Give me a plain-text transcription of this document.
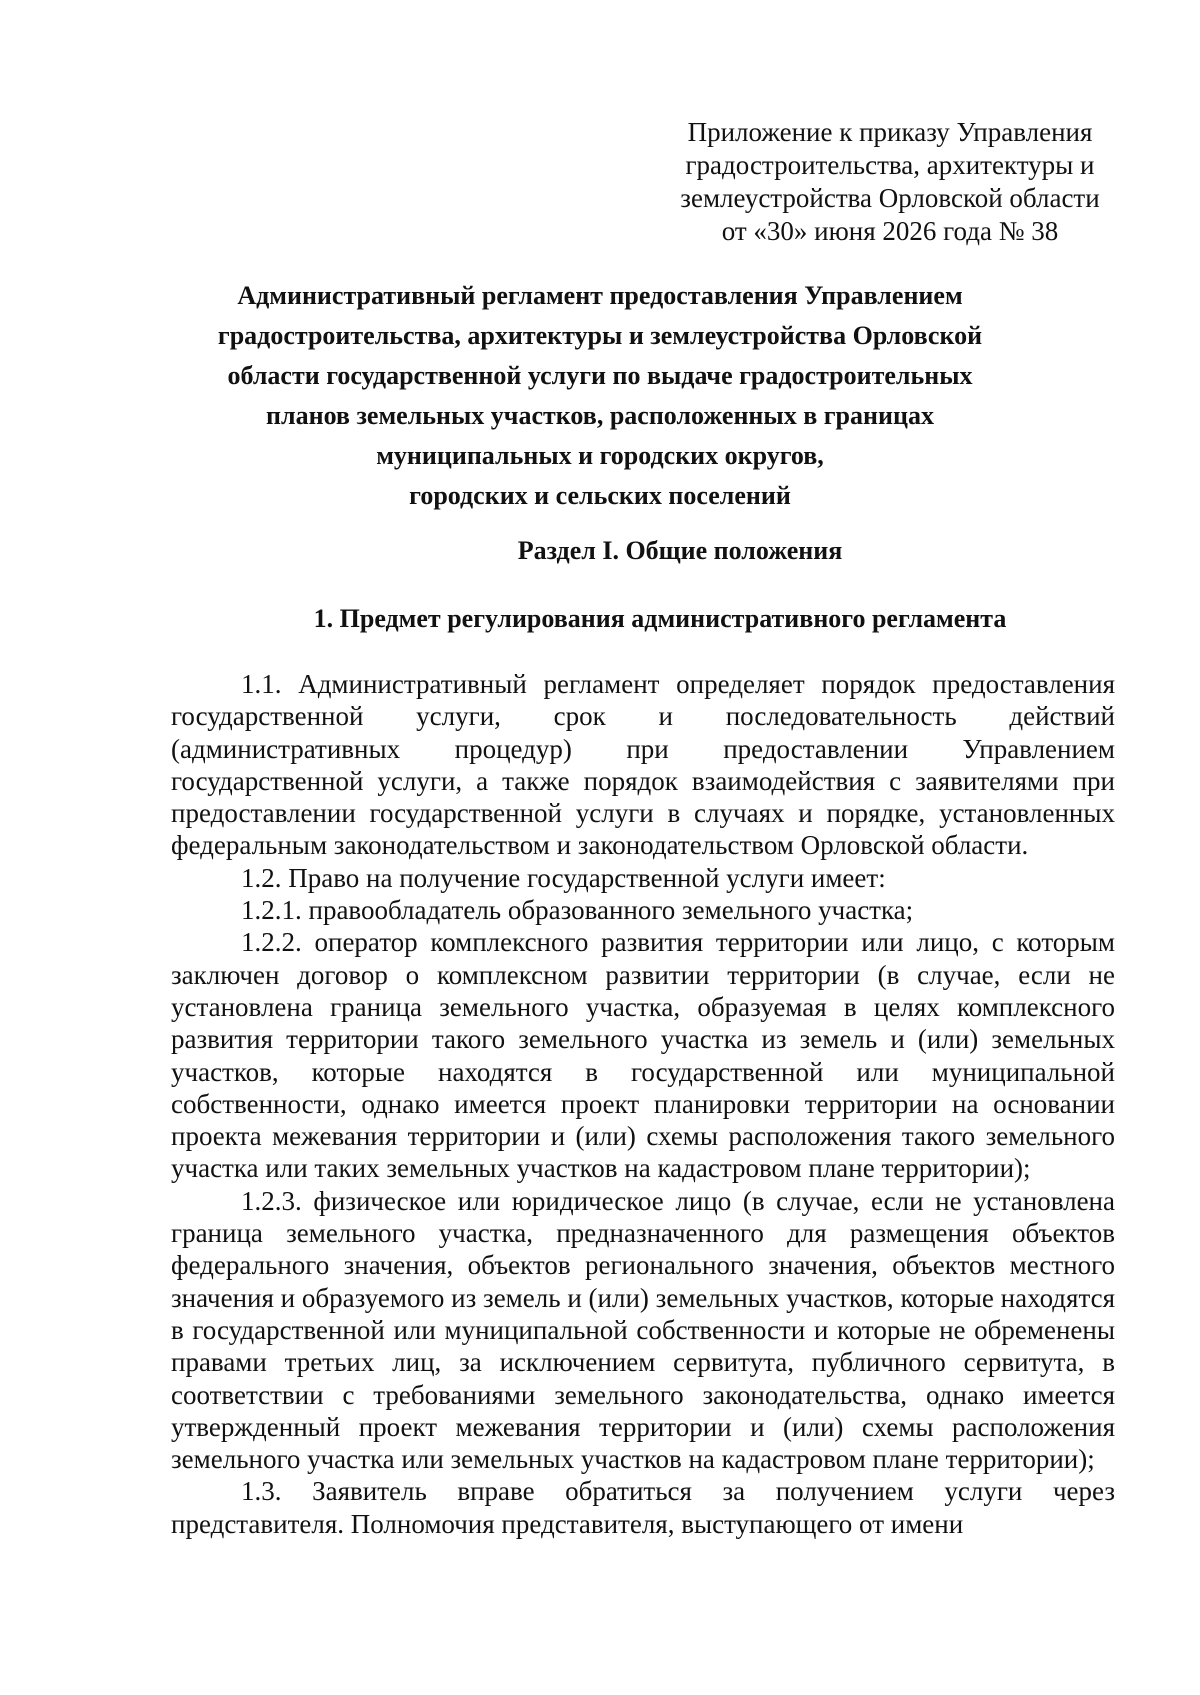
Приложение к приказу Управления
градостроительства, архитектуры и
землеустройства Орловской области
от «30» июня 2026 года № 38
Административный регламент предоставления Управлением
градостроительства, архитектуры и землеустройства Орловской
области государственной услуги по выдаче градостроительных
планов земельных участков, расположенных в границах
муниципальных и городских округов,
городских и сельских поселений
Раздел I. Общие положения
1. Предмет регулирования административного регламента

1.1. Административный регламент определяет порядок предоставления государственной услуги, срок и последовательность действий (административных процедур) при предоставлении Управлением государственной услуги, а также порядок взаимодействия с заявителями при предоставлении государственной услуги в случаях и порядке, установленных федеральным законодательством и законодательством Орловской области.

1.2. Право на получение государственной услуги имеет:

1.2.1. правообладатель образованного земельного участка;

1.2.2. оператор комплексного развития территории или лицо, с которым заключен договор о комплексном развитии территории (в случае, если не установлена граница земельного участка, образуемая в целях комплексного развития территории такого земельного участка из земель и (или) земельных участков, которые находятся в государственной или муниципальной собственности, однако имеется проект планировки территории на основании проекта межевания территории и (или) схемы расположения такого земельного участка или таких земельных участков на кадастровом плане территории);

1.2.3. физическое или юридическое лицо (в случае, если не установлена граница земельного участка, предназначенного для размещения объектов федерального значения, объектов регионального значения, объектов местного значения и образуемого из земель и (или) земельных участков, которые находятся в государственной или муниципальной собственности и которые не обременены правами третьих лиц, за исключением сервитута, публичного сервитута, в соответствии с требованиями земельного законодательства, однако имеется утвержденный проект межевания территории и (или) схемы расположения земельного участка или земельных участков на кадастровом плане территории);

1.3. Заявитель вправе обратиться за получением услуги через представителя. Полномочия представителя, выступающего от имени
